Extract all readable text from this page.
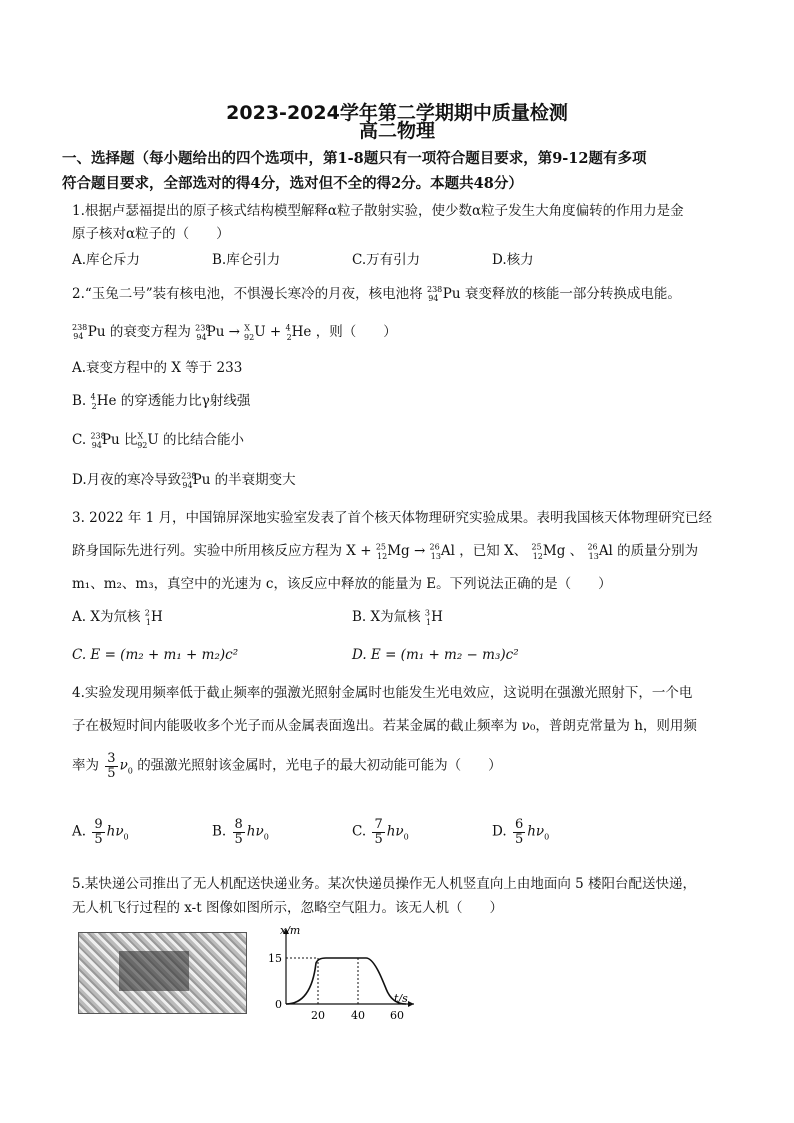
2023-2024学年第二学期期中质量检测
高二物理
一、选择题（每小题给出的四个选项中，第1-8题只有一项符合题目要求，第9-12题有多项
符合题目要求，全部选对的得4分，选对但不全的得2分。本题共48分）
1.根据卢瑟福提出的原子核式结构模型解释α粒子散射实验，使少数α粒子发生大角度偏转的作用力是金
原子核对α粒子的（　　）
A.库仑斥力	B.库仑引力	C.万有引力	D.核力
2.“玉兔二号”装有核电池，不惧漫长寒冷的月夜，核电池将 $^{238}_{94}$ Pu 衰变释放的核能一部分转换成电能。
$^{238}_{94}$ Pu 的衰变方程为 $^{238}_{94}$Pu → $^X_{92}$U + $^4_2$He ，则（　　）
A.衰变方程中的 X 等于 233
B. $^4_2$He 的穿透能力比γ射线强
C. $^{238}_{94}$Pu 比$^X_{92}$U 的比结合能小
D.月夜的寒冷导致$^{238}_{94}$Pu 的半衰期变大
3. 2022 年 1 月，中国锦屏深地实验室发表了首个核天体物理研究实验成果。表明我国核天体物理研究已经
跻身国际先进行列。实验中所用核反应方程为 X + $^{25}_{12}$Mg → $^{26}_{13}$Al ，已知 X、 $^{25}_{12}$Mg 、 $^{26}_{13}$Al 的质量分别为
m₁、m₂、m₃，真空中的光速为 c，该反应中释放的能量为 E。下列说法正确的是（　　）
A. X为氘核 $^2_1$H	B. X为氚核 $^3_1$H
C. E = (m₂ + m₁ + m₂)c²	D. E = (m₁ + m₂ − m₃)c²
4.实验发现用频率低于截止频率的强激光照射金属时也能发生光电效应，这说明在强激光照射下，一个电
子在极短时间内能吸收多个光子而从金属表面逸出。若某金属的截止频率为 ν₀，普朗克常量为 h，则用频
率为 $\frac{3}{5} \nu_0$ 的强激光照射该金属时，光电子的最大初动能可能为（　　）
A. $\frac{9}{5} h\nu_0$	B. $\frac{8}{5} h\nu_0$	C. $\frac{7}{5} h\nu_0$	D. $\frac{6}{5} h\nu_0$
5.某快递公司推出了无人机配送快递业务。某次快递员操作无人机竖直向上由地面向 5 楼阳台配送快递，
无人机飞行过程的 x-t 图像如图所示，忽略空气阻力。该无人机（　　）
x/m
15
0
20 40 60
t/s
